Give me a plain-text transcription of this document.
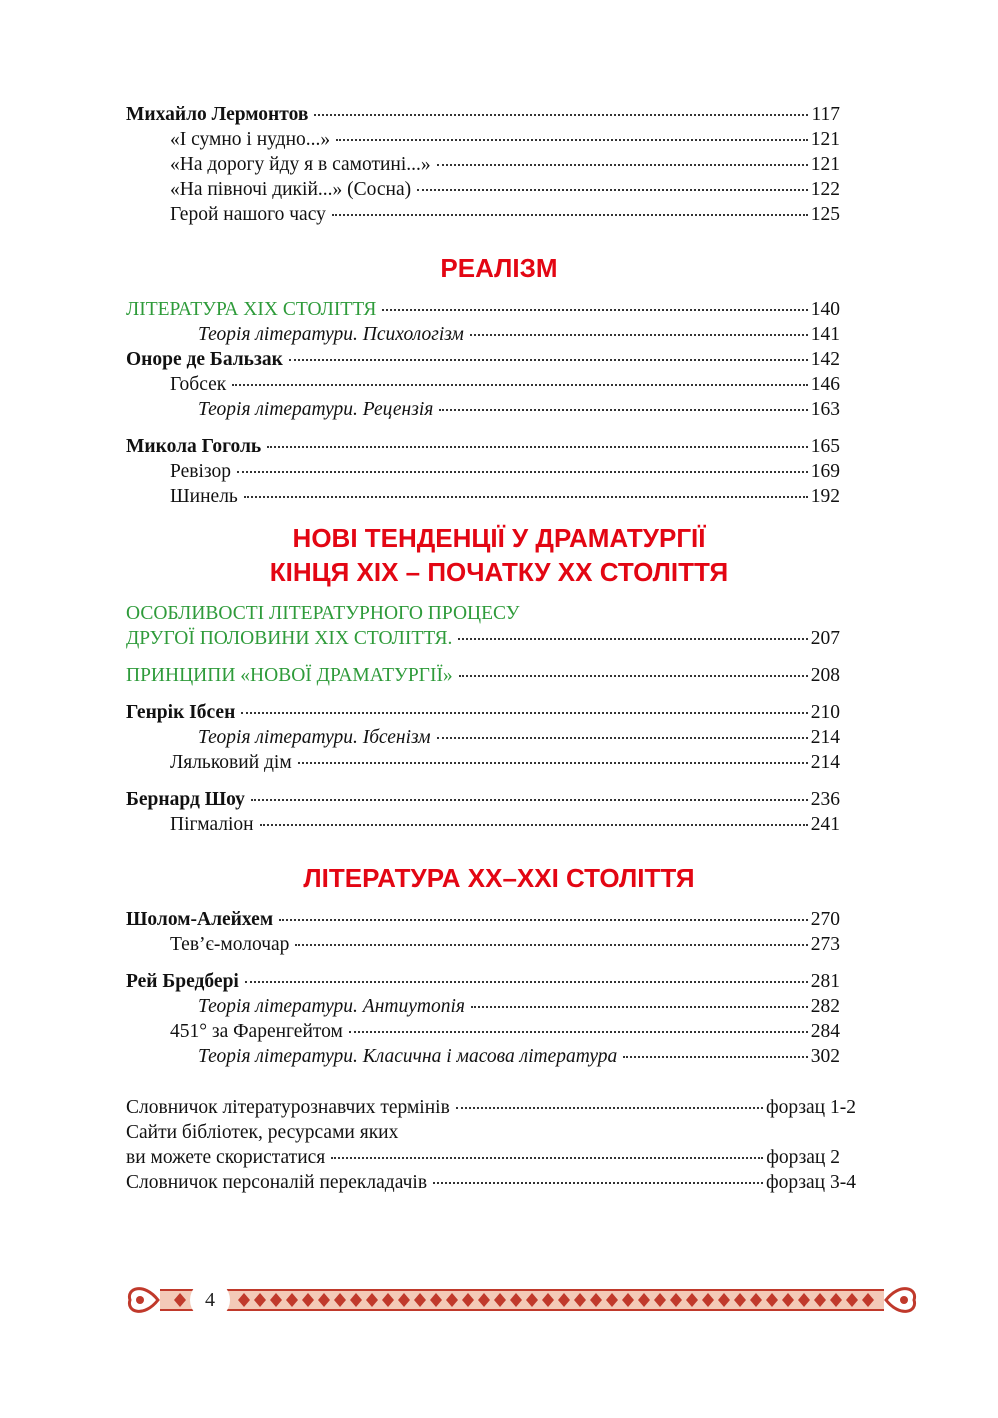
Михайло Лермонтов	117
«І сумно і нудно...»	121
«На дорогу йду я в самотині...»	121
«На півночі дикій...» (Сосна)	122
Герой нашого часу	125
ЛІТЕРАТУРА ХІХ СТОЛІТТЯ	140
Теорія літератури. Психологізм	141
Оноре де Бальзак	142
Гобсек	146
Теорія літератури. Рецензія	163
Микола Гоголь	165
Ревізор	169
Шинель	192
ОСОБЛИВОСТІ ЛІТЕРАТУРНОГО ПРОЦЕСУ
ДРУГОЇ ПОЛОВИНИ ХІХ СТОЛІТТЯ.	207
ПРИНЦИПИ «НОВОЇ ДРАМАТУРГІЇ»	208
Генрік Ібсен	210
Теорія літератури. Ібсенізм	214
Ляльковий дім	214
Бернард Шоу	236
Пігмаліон	241
Шолом-Алейхем	270
Тев’є-молочар	273
Рей Бредбері	281
Теорія літератури. Антиутопія	282
451° за Фаренгейтом	284
Теорія літератури. Класична і масова література	302
Словничок літературознавчих термінів	форзац 1-2
Сайти бібліотек, ресурсами яких
ви можете скористатися	форзац 2
Словничок персоналій перекладачів	форзац 3-4
РЕАЛІЗМ
НОВІ ТЕНДЕНЦІЇ У ДРАМАТУРГІЇ
КІНЦЯ ХІХ – ПОЧАТКУ ХХ СТОЛІТТЯ
ЛІТЕРАТУРА ХХ–ХХІ СТОЛІТТЯ
4
